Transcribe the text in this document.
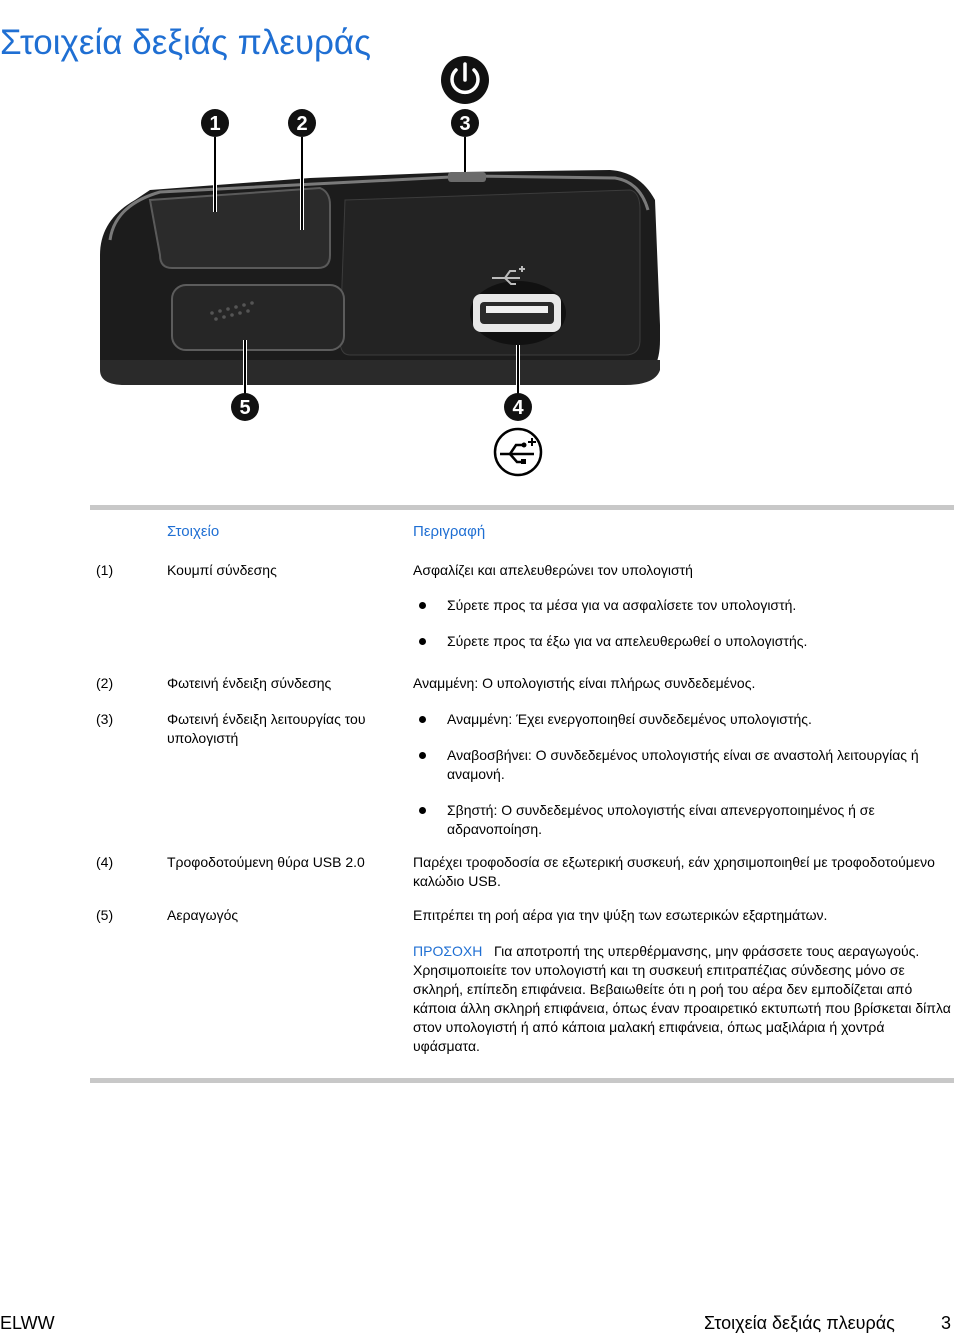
Στοιχεία δεξιάς πλευράς
1	2	3
4
5
Στοιχείο	Περιγραφή
(1)	Κουμπί σύνδεσης	Ασφαλίζει και απελευθερώνει τον υπολογιστή
Σύρετε προς τα μέσα για να ασφαλίσετε τον υπολογιστή.
Σύρετε προς τα έξω για να απελευθερωθεί ο υπολογιστής.
(2)	Φωτεινή ένδειξη σύνδεσης	Αναμμένη: Ο υπολογιστής είναι πλήρως συνδεδεμένος.
(3)	Φωτεινή ένδειξη λειτουργίας του υπολογιστή
Αναμμένη: Έχει ενεργοποιηθεί συνδεδεμένος υπολογιστής.
Αναβοσβήνει: Ο συνδεδεμένος υπολογιστής είναι σε αναστολή λειτουργίας ή αναμονή.
Σβηστή: Ο συνδεδεμένος υπολογιστής είναι απενεργοποιημένος ή σε αδρανοποίηση.
(4)	Τροφοδοτούμενη θύρα USB 2.0	Παρέχει τροφοδοσία σε εξωτερική συσκευή, εάν χρησιμοποιηθεί με τροφοδοτούμενο καλώδιο USB.
(5)	Αεραγωγός	Επιτρέπει τη ροή αέρα για την ψύξη των εσωτερικών εξαρτημάτων.
ΠΡΟΣΟΧΗ Για αποτροπή της υπερθέρμανσης, μην φράσσετε τους αεραγωγούς. Χρησιμοποιείτε τον υπολογιστή και τη συσκευή επιτραπέζιας σύνδεσης μόνο σε σκληρή, επίπεδη επιφάνεια. Βεβαιωθείτε ότι η ροή του αέρα δεν εμποδίζεται από κάποια άλλη σκληρή επιφάνεια, όπως έναν προαιρετικό εκτυπωτή που βρίσκεται δίπλα στον υπολογιστή ή από κάποια μαλακή επιφάνεια, όπως μαξιλάρια ή χοντρά υφάσματα.
ELWW	Στοιχεία δεξιάς πλευράς	3
